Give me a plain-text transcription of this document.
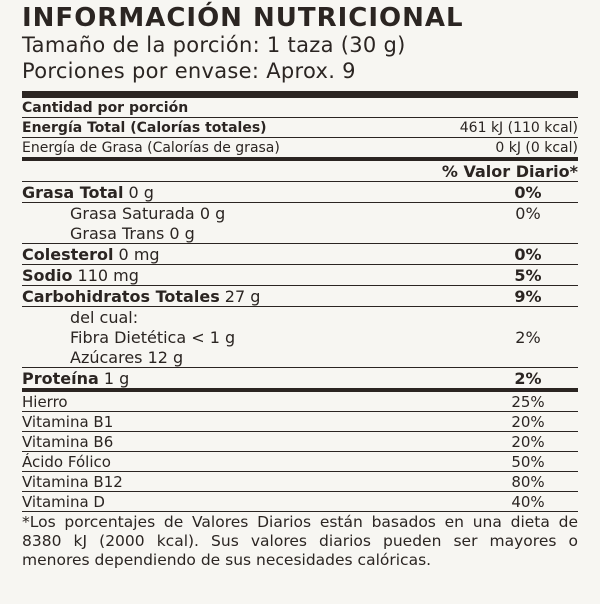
INFORMACIÓN NUTRICIONAL
Tamaño de la porción: 1 taza (30 g)
Porciones por envase: Aprox. 9
Cantidad por porción
Energía Total (Calorías totales)	461 kJ (110 kcal)
Energía de Grasa (Calorías de grasa)	0 kJ (0 kcal)
% Valor Diario*
Grasa Total 0 g	0%
Grasa Saturada 0 g	0%
Grasa Trans 0 g
Colesterol 0 mg	0%
Sodio 110 mg	5%
Carbohidratos Totales 27 g	9%
del cual:
Fibra Dietética < 1 g	2%
Azúcares 12 g
Proteína 1 g	2%
Hierro	25%
Vitamina B1	20%
Vitamina B6	20%
Ácido Fólico	50%
Vitamina B12	80%
Vitamina D	40%
*Los porcentajes de Valores Diarios están basados en una dieta de 8380 kJ (2000 kcal). Sus valores diarios pueden ser mayores o menores dependiendo de sus necesidades calóricas.
